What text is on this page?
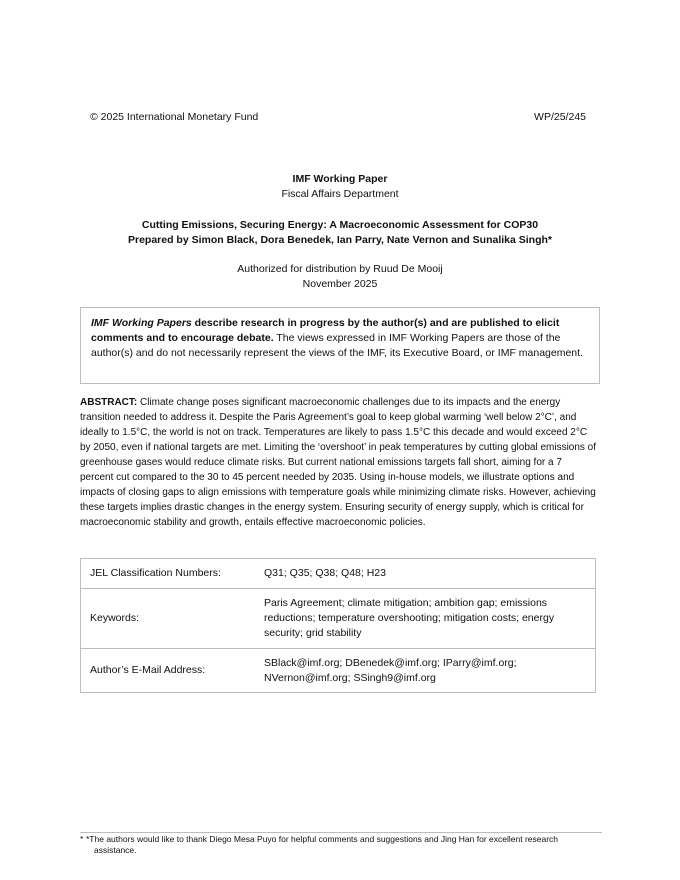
© 2025 International Monetary Fund	WP/25/245
IMF Working Paper
Fiscal Affairs Department
Cutting Emissions, Securing Energy: A Macroeconomic Assessment for COP30
Prepared by Simon Black, Dora Benedek, Ian Parry, Nate Vernon and Sunalika Singh*
Authorized for distribution by Ruud De Mooij
November 2025
IMF Working Papers describe research in progress by the author(s) and are published to elicit comments and to encourage debate. The views expressed in IMF Working Papers are those of the author(s) and do not necessarily represent the views of the IMF, its Executive Board, or IMF management.
ABSTRACT: Climate change poses significant macroeconomic challenges due to its impacts and the energy transition needed to address it. Despite the Paris Agreement’s goal to keep global warming ‘well below 2°C’, and ideally to 1.5°C, the world is not on track. Temperatures are likely to pass 1.5°C this decade and would exceed 2°C by 2050, even if national targets are met. Limiting the ‘overshoot’ in peak temperatures by cutting global emissions of greenhouse gases would reduce climate risks. But current national emissions targets fall short, aiming for a 7 percent cut compared to the 30 to 45 percent needed by 2035. Using in-house models, we illustrate options and impacts of closing gaps to align emissions with temperature goals while minimizing climate risks. However, achieving these targets implies drastic changes in the energy system. Ensuring security of energy supply, which is critical for macroeconomic stability and growth, entails effective macroeconomic policies.
JEL Classification Numbers:	Q31; Q35; Q38; Q48; H23
Keywords:	Paris Agreement; climate mitigation; ambition gap; emissions reductions; temperature overshooting; mitigation costs; energy security; grid stability
Author’s E-Mail Address:	SBlack@imf.org; DBenedek@imf.org; IParry@imf.org; NVernon@imf.org; SSingh9@imf.org
* *The authors would like to thank Diego Mesa Puyo for helpful comments and suggestions and Jing Han for excellent research assistance.
